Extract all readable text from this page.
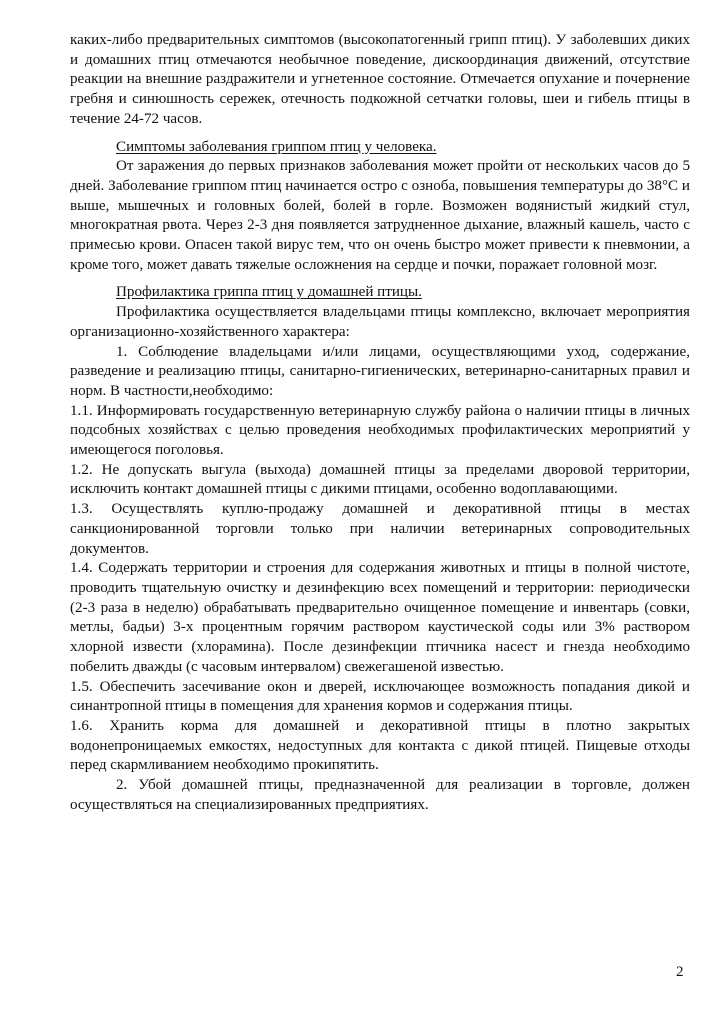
каких-либо предварительных симптомов (высокопатогенный грипп птиц). У заболевших диких и домашних птиц отмечаются необычное поведение, дискоординация движений, отсутствие реакции на внешние раздражители и угнетенное состояние. Отмечается опухание и почернение гребня и синюшность сережек, отечность подкожной сетчатки головы, шеи и гибель птицы в течение 24-72 часов.

Симптомы заболевания гриппом птиц у человека.

От заражения до первых признаков заболевания может пройти от нескольких часов до 5 дней. Заболевание гриппом птиц начинается остро с озноба, повышения температуры до 38°С и выше, мышечных и головных болей, болей в горле. Возможен водянистый жидкий стул, многократная рвота. Через 2-3 дня появляется затрудненное дыхание, влажный кашель, часто с примесью крови. Опасен такой вирус тем, что он очень быстро может привести к пневмонии, а кроме того, может давать тяжелые осложнения на сердце и почки, поражает головной мозг.

Профилактика гриппа птиц у домашней птицы.

Профилактика осуществляется владельцами птицы комплексно, включает мероприятия организационно-хозяйственного характера:

1. Соблюдение владельцами и/или лицами, осуществляющими уход, содержание, разведение и реализацию птицы, санитарно-гигиенических, ветеринарно-санитарных правил и норм. В частности,необходимо:

1.1. Информировать государственную ветеринарную службу района о наличии птицы в личных подсобных хозяйствах с целью проведения необходимых профилактических мероприятий у имеющегося поголовья.

1.2. Не допускать выгула (выхода) домашней птицы за пределами дворовой территории, исключить контакт домашней птицы с дикими птицами, особенно водоплавающими.

1.3. Осуществлять куплю-продажу домашней и декоративной птицы в местах санкционированной торговли только при наличии ветеринарных сопроводительных документов.

1.4. Содержать территории и строения для содержания животных и птицы в полной чистоте, проводить тщательную очистку и дезинфекцию всех помещений и территории: периодически (2-3 раза в неделю) обрабатывать предварительно очищенное помещение и инвентарь (совки, метлы, бадьи) 3-х процентным горячим раствором каустической соды или 3% раствором хлорной извести (хлорамина). После дезинфекции птичника насест и гнезда необходимо побелить дважды (с часовым интервалом) свежегашеной известью.

1.5. Обеспечить засечивание окон и дверей, исключающее возможность попадания дикой и синантропной птицы в помещения для хранения кормов и содержания птицы.

1.6. Хранить корма для домашней и декоративной птицы в плотно закрытых водонепроницаемых емкостях, недоступных для контакта с дикой птицей. Пищевые отходы перед скармливанием необходимо прокипятить.

2. Убой домашней птицы, предназначенной для реализации в торговле, должен осуществляться на специализированных предприятиях.

2
